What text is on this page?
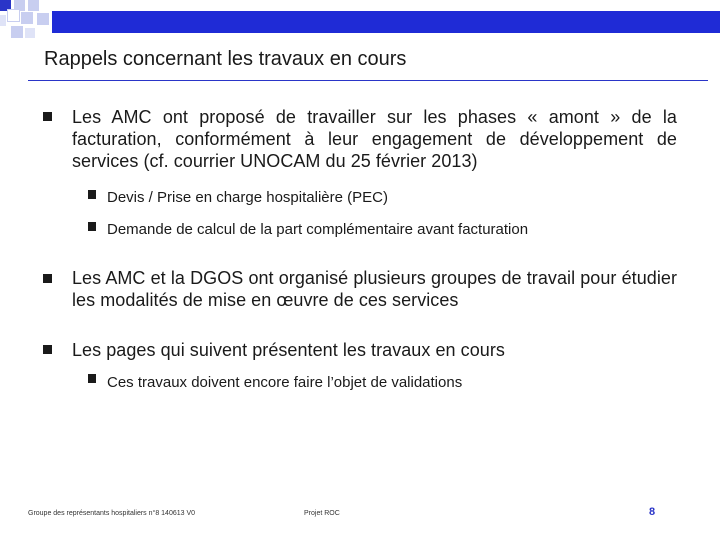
Rappels concernant les travaux en cours
Les AMC ont proposé de travailler sur les phases « amont » de la facturation, conformément à leur engagement de développement de services (cf. courrier UNOCAM du 25 février 2013)
Devis / Prise en charge hospitalière (PEC)
Demande de calcul de la part complémentaire avant facturation
Les AMC et la DGOS ont organisé plusieurs groupes de travail pour étudier les modalités de mise en œuvre de ces services
Les pages qui suivent présentent les travaux en cours
Ces travaux doivent encore faire l’objet de validations
Groupe des représentants hospitaliers n°8 140613 V0	Projet ROC	8
